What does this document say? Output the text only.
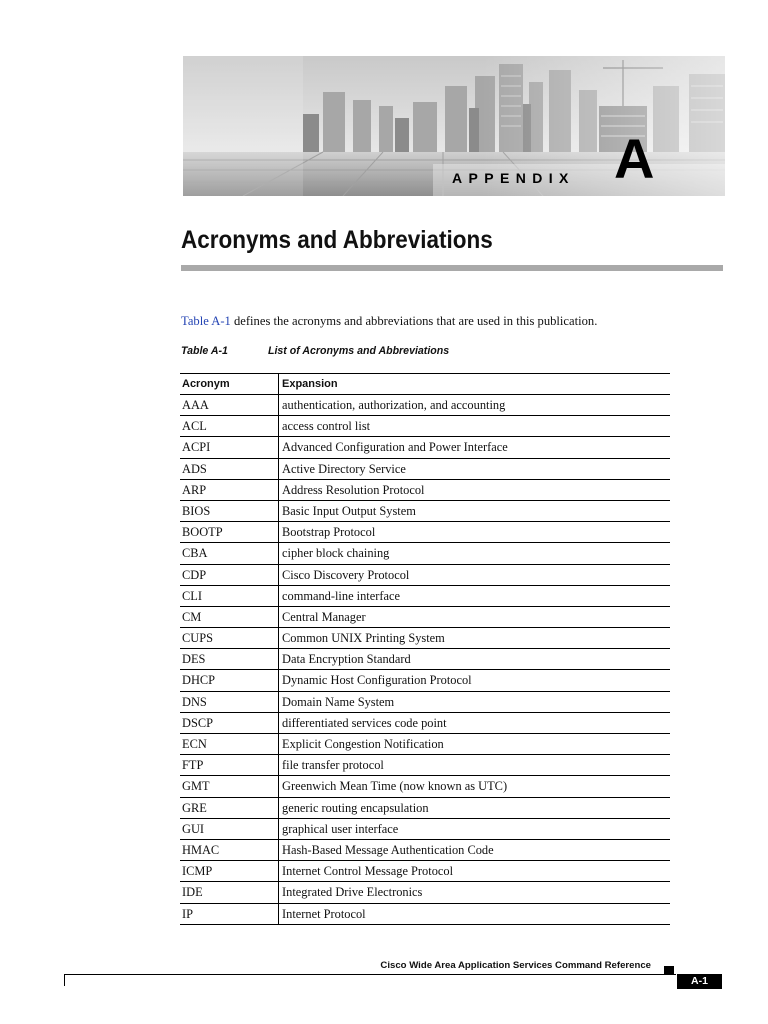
APPENDIX A
Acronyms and Abbreviations
Table A-1 defines the acronyms and abbreviations that are used in this publication.
Table A-1	List of Acronyms and Abbreviations
Acronym	Expansion
AAA	authentication, authorization, and accounting
ACL	access control list
ACPI	Advanced Configuration and Power Interface
ADS	Active Directory Service
ARP	Address Resolution Protocol
BIOS	Basic Input Output System
BOOTP	Bootstrap Protocol
CBA	cipher block chaining
CDP	Cisco Discovery Protocol
CLI	command-line interface
CM	Central Manager
CUPS	Common UNIX Printing System
DES	Data Encryption Standard
DHCP	Dynamic Host Configuration Protocol
DNS	Domain Name System
DSCP	differentiated services code point
ECN	Explicit Congestion Notification
FTP	file transfer protocol
GMT	Greenwich Mean Time (now known as UTC)
GRE	generic routing encapsulation
GUI	graphical user interface
HMAC	Hash-Based Message Authentication Code
ICMP	Internet Control Message Protocol
IDE	Integrated Drive Electronics
IP	Internet Protocol
Cisco Wide Area Application Services Command Reference
A-1
